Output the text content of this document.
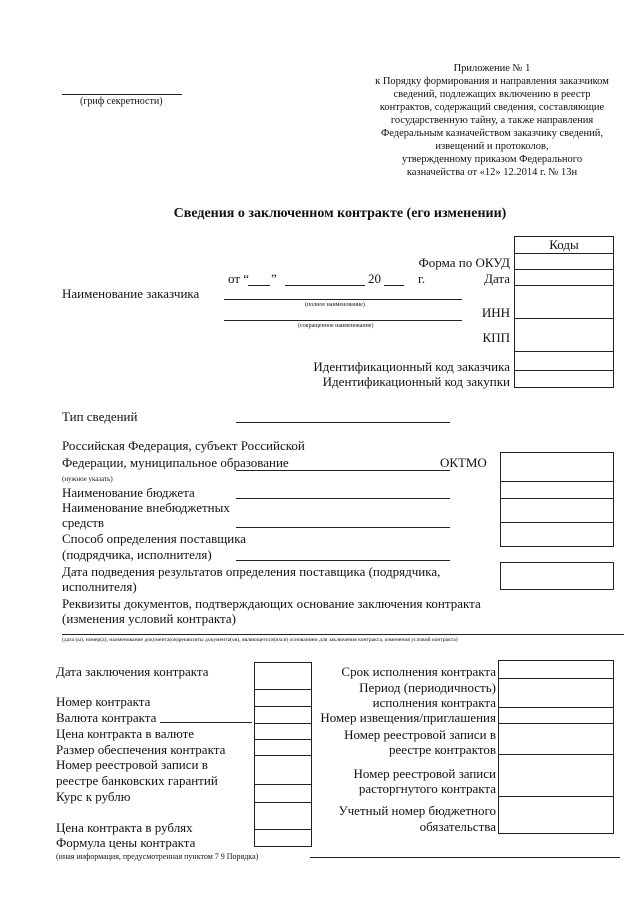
Приложение № 1
к Порядку формирования и направления заказчиком
сведений, подлежащих включению в реестр
контрактов, содержащий сведения, составляющие
государственную тайну, а также направления
Федеральным казначейством заказчику сведений,
извещений и протоколов,
утвержденному приказом Федерального
казначейства от «12» 12.2014 г. № 13н
(гриф секретности)
Сведения о заключенном контракте (его изменении)
Коды
Форма по ОКУД
Дата
от “ ”	20	г.
Наименование заказчика
(полное наименование)
(сокращенное наименование)
ИНН
КПП
Идентификационный код заказчика
Идентификационный код закупки
Тип сведений
Российская Федерация, субъект Российской
Федерации, муниципальное образование	ОКТМО
(нужное указать)
Наименование бюджета
Наименование внебюджетных
средств
Способ определения поставщика
(подрядчика, исполнителя)
Дата подведения результатов определения поставщика (подрядчика,
исполнителя)
Реквизиты документов, подтверждающих основание заключения контракта
(изменения условий контракта)
(дата (ы), номер(а), наименование документа(ов)реквизиты документа(ов), являющегося(ихся) основанием для заключения контракта, изменения условий контракта)
Дата заключения контракта
Номер контракта
Валюта контракта
Цена контракта в валюте
Размер обеспечения контракта
Номер реестровой записи в
реестре банковских гарантий
Курс к рублю
Цена контракта в рублях
Формула цены контракта
(иная информация, предусмотренная пунктом 7 9 Порядка)
Срок исполнения контракта
Период (периодичность)
исполнения контракта
Номер извещения/приглашения
Номер реестровой записи в
реестре контрактов
Номер реестровой записи
расторгнутого контракта
Учетный номер бюджетного
обязательства
